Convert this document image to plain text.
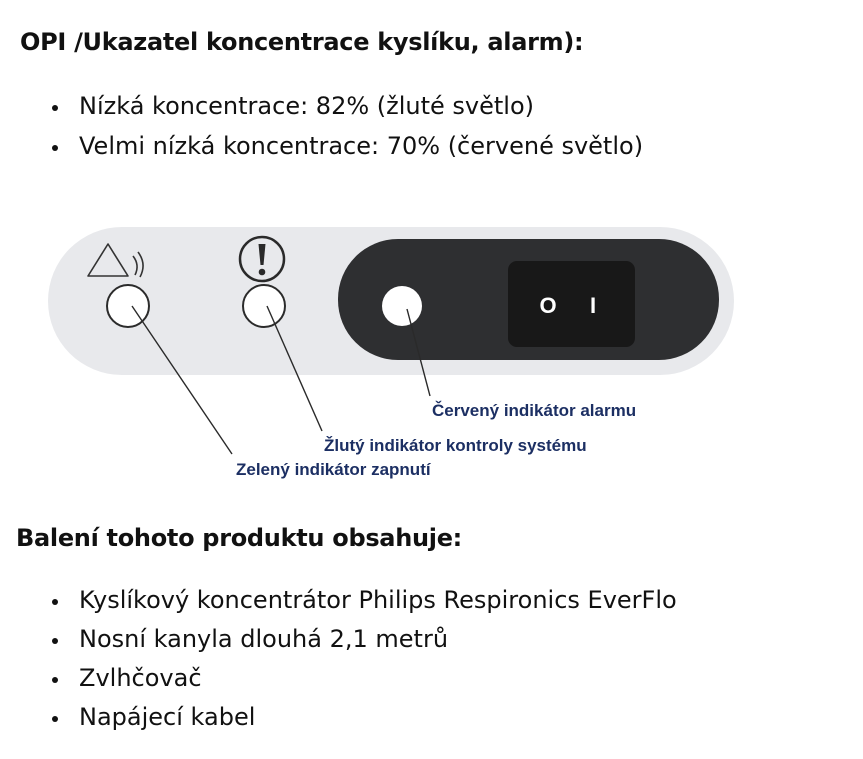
OPI /Ukazatel koncentrace kyslíku, alarm):
Nízká koncentrace: 82% (žluté světlo)
Velmi nízká koncentrace: 70% (červené světlo)
O I
Červený indikátor alarmu
Žlutý indikátor kontroly systému
Zelený indikátor zapnutí
Balení tohoto produktu obsahuje:
Kyslíkový koncentrátor Philips Respironics EverFlo
Nosní kanyla dlouhá 2,1 metrů
Zvlhčovač
Napájecí kabel
